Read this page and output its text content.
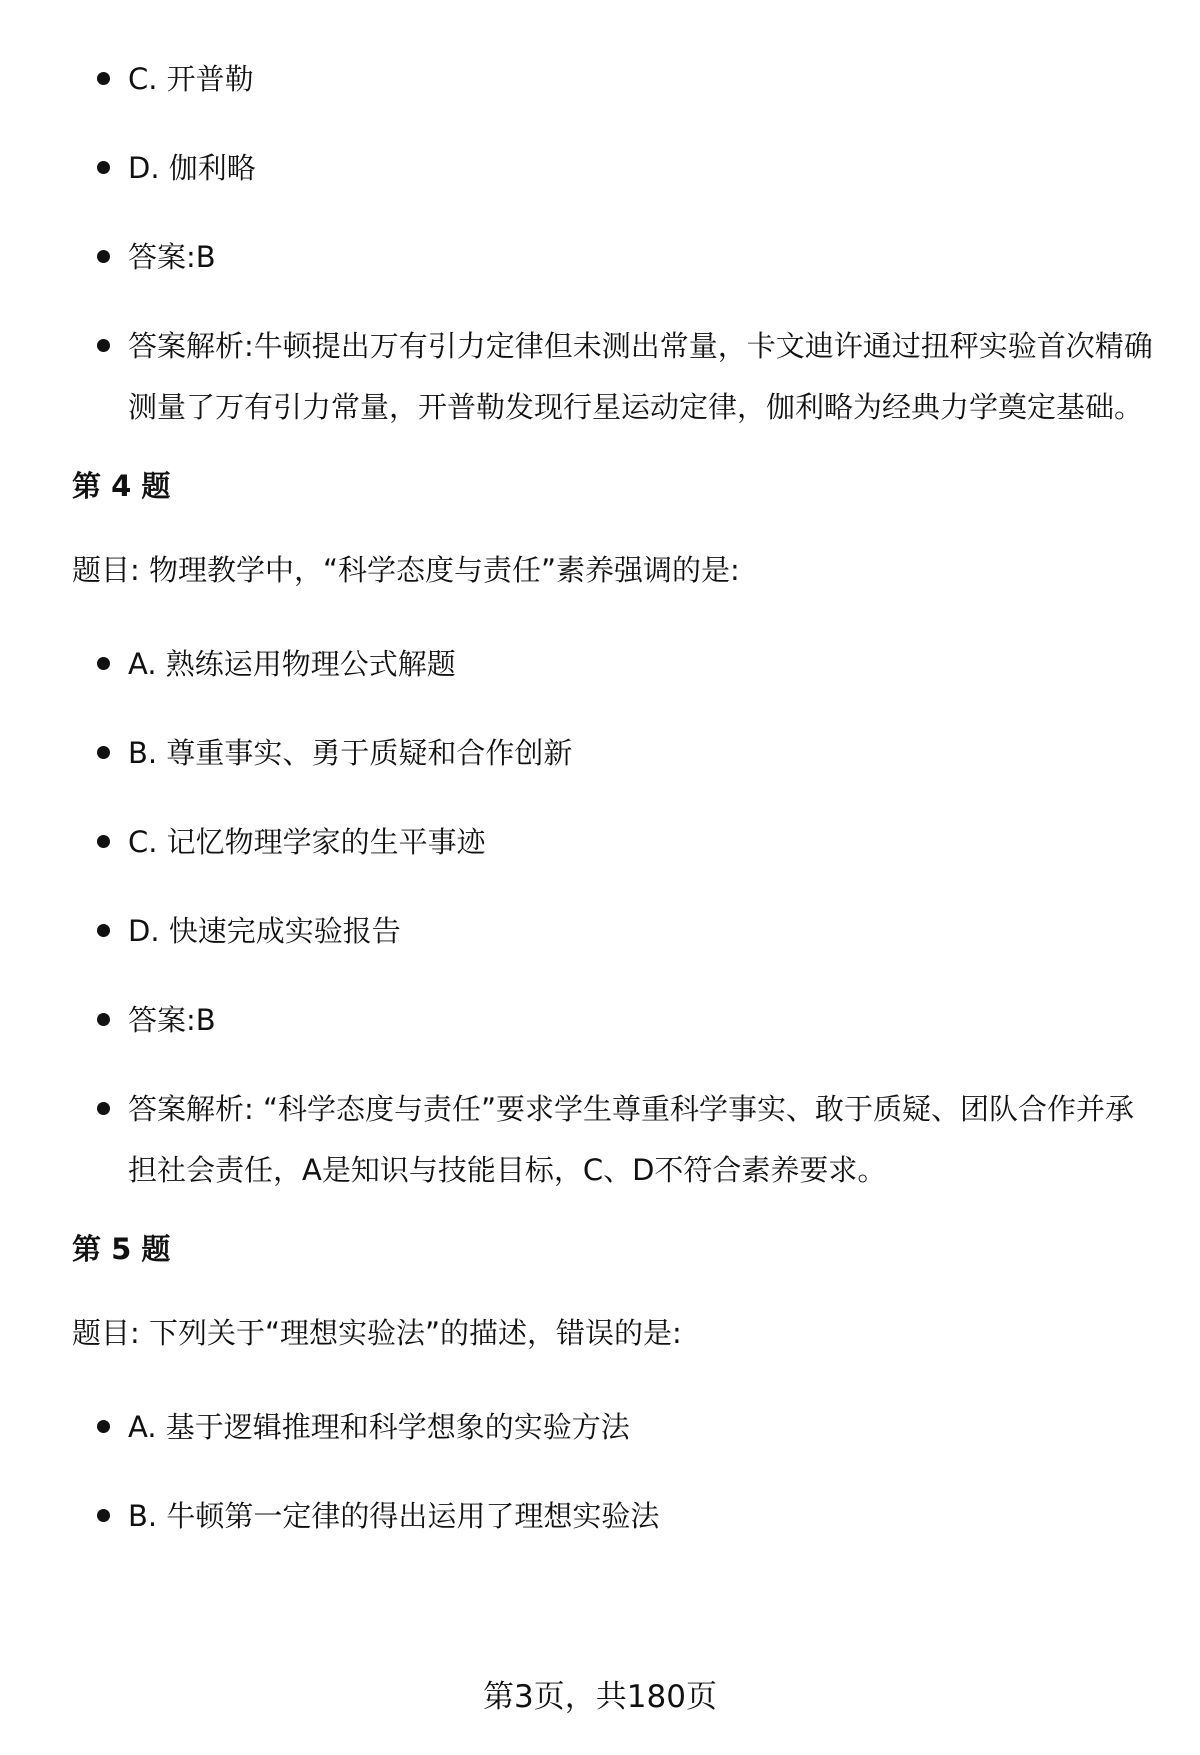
C. 开普勒
D. 伽利略
答案:B
答案解析:牛顿提出万有引力定律但未测出常量，卡文迪许通过扭秤实验首次精确测量了万有引力常量，开普勒发现行星运动定律，伽利略为经典力学奠定基础。
第 4 题

题目: 物理教学中，“科学态度与责任”素养强调的是:

A. 熟练运用物理公式解题
B. 尊重事实、勇于质疑和合作创新
C. 记忆物理学家的生平事迹
D. 快速完成实验报告
答案:B
答案解析: “科学态度与责任”要求学生尊重科学事实、敢于质疑、团队合作并承担社会责任，A是知识与技能目标，C、D不符合素养要求。
第 5 题

题目: 下列关于“理想实验法”的描述，错误的是:

A. 基于逻辑推理和科学想象的实验方法
B. 牛顿第一定律的得出运用了理想实验法
第3页，共180页
